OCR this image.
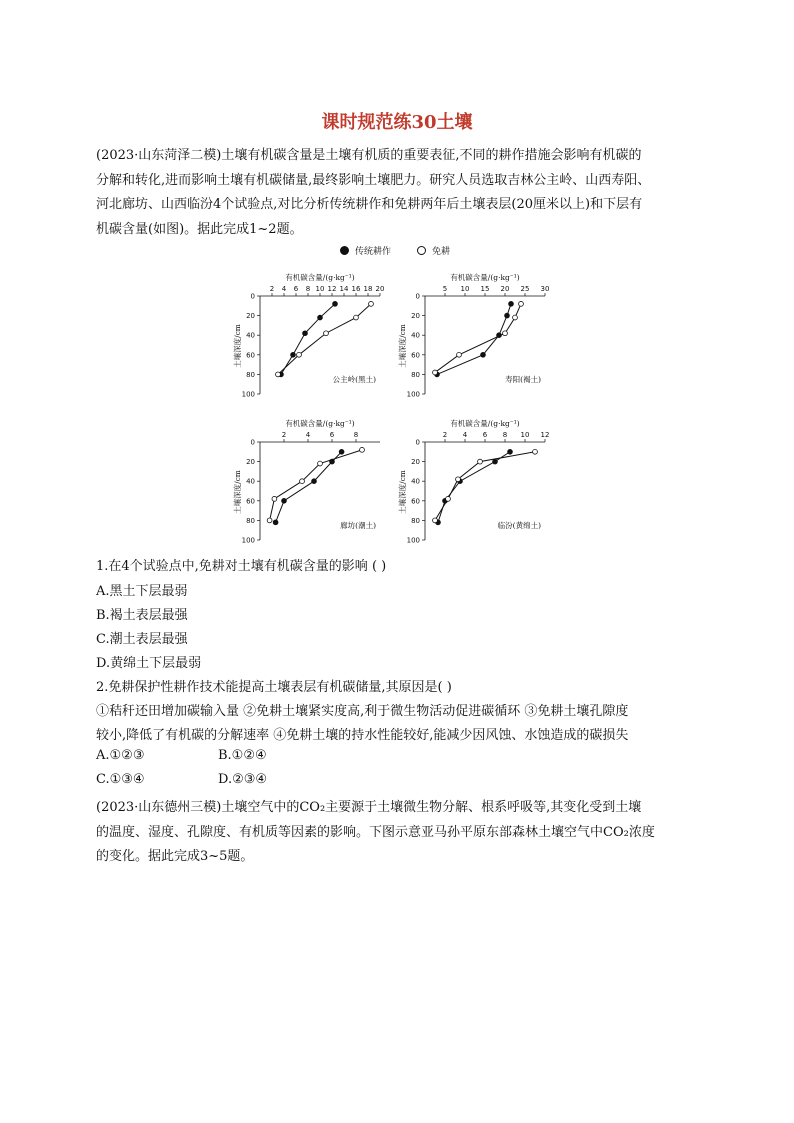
课时规范练30土壤

(2023·山东菏泽二模)土壤有机碳含量是土壤有机质的重要表征,不同的耕作措施会影响有机碳的

分解和转化,进而影响土壤有机碳储量,最终影响土壤肥力。研究人员选取吉林公主岭、山西寿阳、

河北廊坊、山西临汾4个试验点,对比分析传统耕作和免耕两年后土壤表层(20厘米以上)和下层有

机碳含量(如图)。据此完成1~2题。

传统耕作	免耕
有机碳含量/(g·kg⁻¹)
土壤深度/cm
2 4 6 8 10 12 14 16 18 20
0
20
40
60
80
100
公主岭(黑土)
有机碳含量/(g·kg⁻¹)
土壤深度/cm
5 10 15 20 25 30
0
20
40
60
80
100
寿阳(褐土)
有机碳含量/(g·kg⁻¹)
土壤深度/cm
2	4	6	8
0
20
40
60
80
100
廊坊(潮土)
有机碳含量/(g·kg⁻¹)
土壤深度/cm
2 4 6 8 10 12
0
20
40
60
80
100
临汾(黄绵土)
1.在4个试验点中,免耕对土壤有机碳含量的影响 ( )
A.黑土下层最弱
B.褐土表层最强
C.潮土表层最强
D.黄绵土下层最弱
2.免耕保护性耕作技术能提高土壤表层有机碳储量,其原因是( )
①秸秆还田增加碳输入量 ②免耕土壤紧实度高,利于微生物活动促进碳循环 ③免耕土壤孔隙度
较小,降低了有机碳的分解速率 ④免耕土壤的持水性能较好,能减少因风蚀、水蚀造成的碳损失
A.①②③	B.①②④
C.①③④	D.②③④

(2023·山东德州三模)土壤空气中的CO₂主要源于土壤微生物分解、根系呼吸等,其变化受到土壤

的温度、湿度、孔隙度、有机质等因素的影响。下图示意亚马孙平原东部森林土壤空气中CO₂浓度

的变化。据此完成3~5题。
